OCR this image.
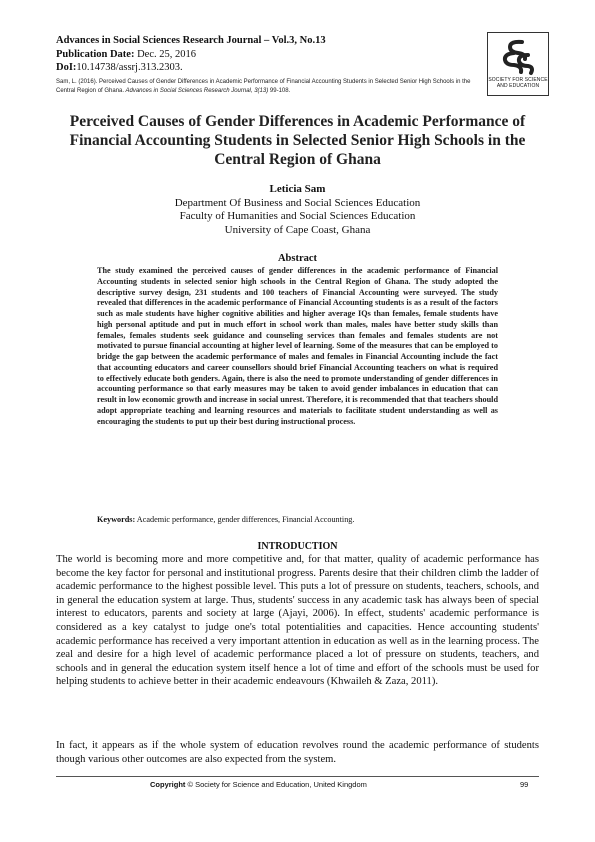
Advances in Social Sciences Research Journal – Vol.3, No.13
Publication Date: Dec. 25, 2016
DoI:10.14738/assrj.313.2303.
Sam, L. (2016). Perceived Causes of Gender Differences in Academic Performance of Financial Accounting Students in Selected Senior High Schools in the Central Region of Ghana. Advances in Social Sciences Research Journal, 3(13) 99-108.
SOCIETY FOR SCIENCE
AND EDUCATION
Perceived Causes of Gender Differences in Academic Performance of Financial Accounting Students in Selected Senior High Schools in the Central Region of Ghana
Leticia Sam
Department Of Business and Social Sciences Education
Faculty of Humanities and Social Sciences Education
University of Cape Coast, Ghana
Abstract
The study examined the perceived causes of gender differences in the academic performance of Financial Accounting students in selected senior high schools in the Central Region of Ghana. The study adopted the descriptive survey design, 231 students and 100 teachers of Financial Accounting were surveyed. The study revealed that differences in the academic performance of Financial Accounting students is as a result of the factors such as male students have higher cognitive abilities and higher average IQs than females, female students have high personal aptitude and put in much effort in school work than males, males have better study skills than females, females students seek guidance and counseling services than females and females students are not motivated to pursue financial accounting at higher level of learning. Some of the measures that can be employed to bridge the gap between the academic performance of males and females in Financial Accounting include the fact that accounting educators and career counsellors should brief Financial Accounting teachers on what is required to effectively educate both genders. Again, there is also the need to promote understanding of gender differences in accounting performance so that early measures may be taken to avoid gender imbalances in education that can result in low economic growth and increase in social unrest. Therefore, it is recommended that that teachers should adopt appropriate teaching and learning resources and materials to facilitate student understanding as well as encouraging the students to put up their best during instructional process.
Keywords: Academic performance, gender differences, Financial Accounting.
INTRODUCTION
The world is becoming more and more competitive and, for that matter, quality of academic performance has become the key factor for personal and institutional progress. Parents desire that their children climb the ladder of academic performance to the highest possible level. This puts a lot of pressure on students, teachers, schools, and in general the education system at large. Thus, students' success in any academic task has always been of special interest to educators, parents and society at large (Ajayi, 2006). In effect, students' academic performance is considered as a key catalyst to judge one's total potentialities and capacities. Hence accounting students' academic performance has received a very important attention in education as well as in the learning process. The zeal and desire for a high level of academic performance placed a lot of pressure on students, teachers, and schools and in general the education system itself hence a lot of time and effort of the schools must be used for helping students to achieve better in their academic endeavours (Khwaileh & Zaza, 2011).
In fact, it appears as if the whole system of education revolves round the academic performance of students though various other outcomes are also expected from the system.
Copyright © Society for Science and Education, United Kingdom	99
